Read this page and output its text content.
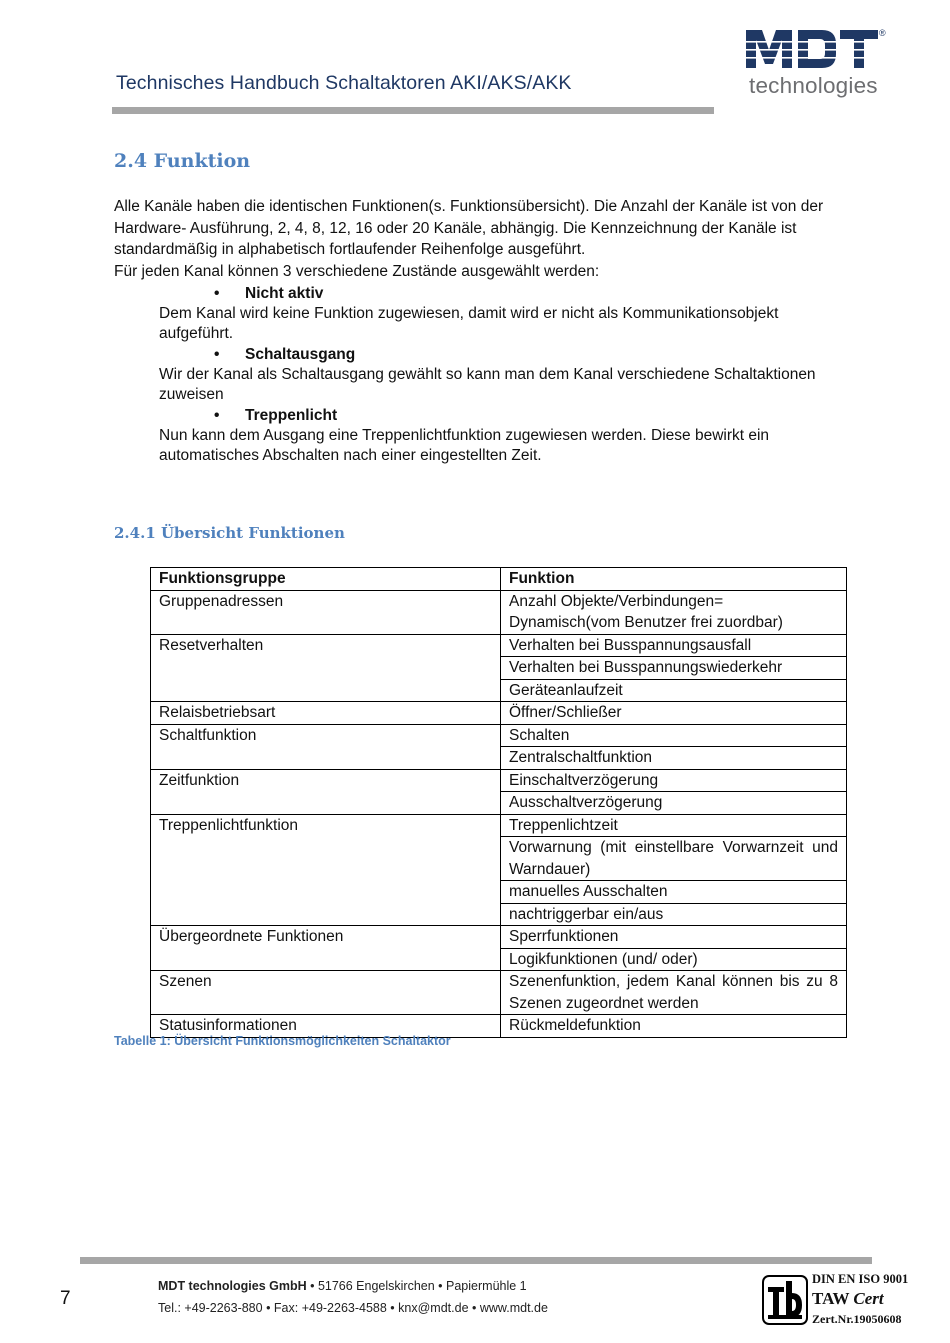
Technisches Handbuch Schaltaktoren AKI/AKS/AKK
®
technologies
2.4 Funktion

Alle Kanäle haben die identischen Funktionen(s. Funktionsübersicht). Die Anzahl der Kanäle ist von der Hardware- Ausführung, 2, 4, 8, 12, 16 oder 20 Kanäle, abhängig. Die Kennzeichnung der Kanäle ist standardmäßig in alphabetisch fortlaufender Reihenfolge ausgeführt.

Für jeden Kanal können 3 verschiedene Zustände ausgewählt werden:

• Nicht aktiv

Dem Kanal wird keine Funktion zugewiesen, damit wird er nicht als Kommunikationsobjekt aufgeführt.

• Schaltausgang

Wir der Kanal als Schaltausgang gewählt so kann man dem Kanal verschiedene Schaltaktionen zuweisen

• Treppenlicht

Nun kann dem Ausgang eine Treppenlichtfunktion zugewiesen werden. Diese bewirkt ein automatisches Abschalten nach einer eingestellten Zeit.

2.4.1 Übersicht Funktionen
Funktionsgruppe	Funktion
Gruppenadressen	Anzahl Objekte/Verbindungen= Dynamisch(vom Benutzer frei zuordbar)
Resetverhalten	Verhalten bei Busspannungsausfall
	Verhalten bei Busspannungswiederkehr
	Geräteanlaufzeit
Relaisbetriebsart	Öffner/Schließer
Schaltfunktion	Schalten
	Zentralschaltfunktion
Zeitfunktion	Einschaltverzögerung
	Ausschaltverzögerung
Treppenlichtfunktion	Treppenlichtzeit
	Vorwarnung (mit einstellbare Vorwarnzeit und Warndauer)
	manuelles Ausschalten
	nachtriggerbar ein/aus
Übergeordnete Funktionen	Sperrfunktionen
	Logikfunktionen (und/ oder)
Szenen	Szenenfunktion, jedem Kanal können bis zu 8 Szenen zugeordnet werden
Statusinformationen	Rückmeldefunktion
Tabelle 1: Übersicht Funktionsmöglichkeiten Schaltaktor
7
MDT technologies GmbH • 51766 Engelskirchen • Papiermühle 1
Tel.: +49-2263-880 • Fax: +49-2263-4588 • knx@mdt.de • www.mdt.de
DIN EN ISO 9001
TAW Cert
Zert.Nr.19050608
